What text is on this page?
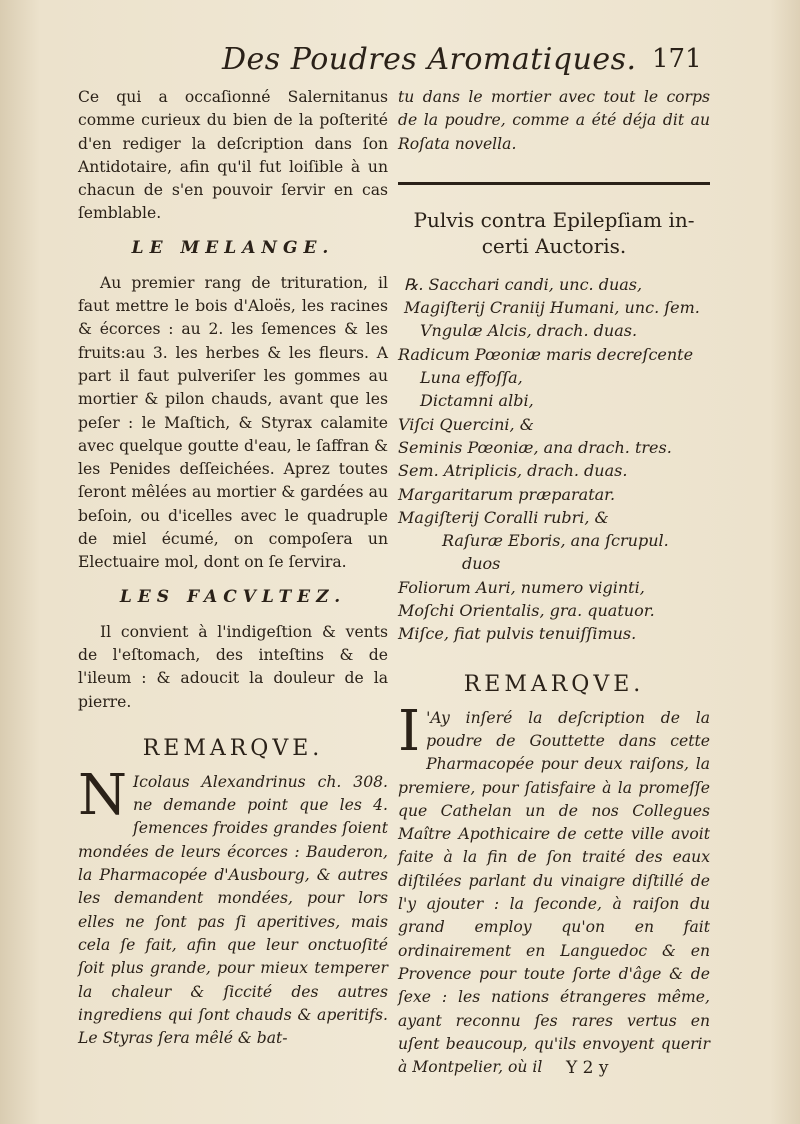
Des Poudres Aromatiques. 171

Ce qui a occaſionné Salernitanus comme curieux du bien de la poſterité d'en rediger la deſcription dans ſon Antidotaire, afin qu'il fut loiſible à un chacun de s'en pouvoir ſervir en cas ſemblable.

LE MELANGE.

Au premier rang de trituration, il faut mettre le bois d'Aloës, les racines & écorces : au 2. les ſemences & les fruits:au 3. les herbes & les fleurs. A part il faut pulveriſer les gommes au mortier & pilon chauds, avant que les peſer : le Maſtich, & Styrax calamite avec quelque goutte d'eau, le ſaffran & les Penides deſſeichées. Aprez toutes ſeront mêlées au mortier & gardées au beſoin, ou d'icelles avec le quadruple de miel écumé, on compoſera un Electuaire mol, dont on ſe ſervira.

LES FACVLTEZ.

Il convient à l'indigeſtion & vents de l'eſtomach, des inteſtins & de l'ileum : & adoucit la douleur de la pierre.

REMARQVE.
N Icolaus Alexandrinus ch. 308. ne demande point que les 4. ſemences froides grandes ſoient mondées de leurs écorces : Bauderon, la Pharmacopée d'Ausbourg, & autres les demandent mondées, pour lors elles ne ſont pas ſi aperitives, mais cela ſe fait, afin que leur onctuoſité ſoit plus grande, pour mieux temperer la chaleur & ſiccité des autres ingrediens qui ſont chauds & aperitifs. Le Styras ſera mêlé & bat-

tu dans le mortier avec tout le corps de la poudre, comme a été déja dit au Roſata novella.

Pulvis contra Epilepſiam in-
certi Auctoris.

℞. Sacchari candi, unc. duas,

Magiſterij Craniij Humani, unc. ſem.

Vngulæ Alcis, drach. duas.

Radicum Pœoniæ maris decreſcente

Luna effoſſa,

Dictamni albi,

Viſci Quercini, &

Seminis Pœoniæ, ana drach. tres.

Sem. Atriplicis, drach. duas.

Margaritarum præparatar.

Magiſterij Coralli rubri, &

Raſuræ Eboris, ana ſcrupul.

duos

Foliorum Auri, numero viginti,

Moſchi Orientalis, gra. quatuor.

Miſce, fiat pulvis tenuiſſimus.

REMARQVE.
I 'Ay inſeré la deſcription de la poudre de Gouttette dans cette Pharmacopée pour deux raiſons, la premiere, pour ſatisfaire à la promeſſe que Cathelan un de nos Collegues Maître Apothicaire de cette ville avoit faite à la fin de ſon traité des eaux diſtilées parlant du vinaigre diſtillé de l'y ajouter : la ſeconde, à raiſon du grand employ qu'on en fait ordinairement en Languedoc & en Provence pour toute ſorte d'âge & de ſexe : les nations étrangeres même, ayant reconnu ſes rares vertus en uſent beaucoup, qu'ils envoyent querir à Montpelier, où il	Y 2 y
